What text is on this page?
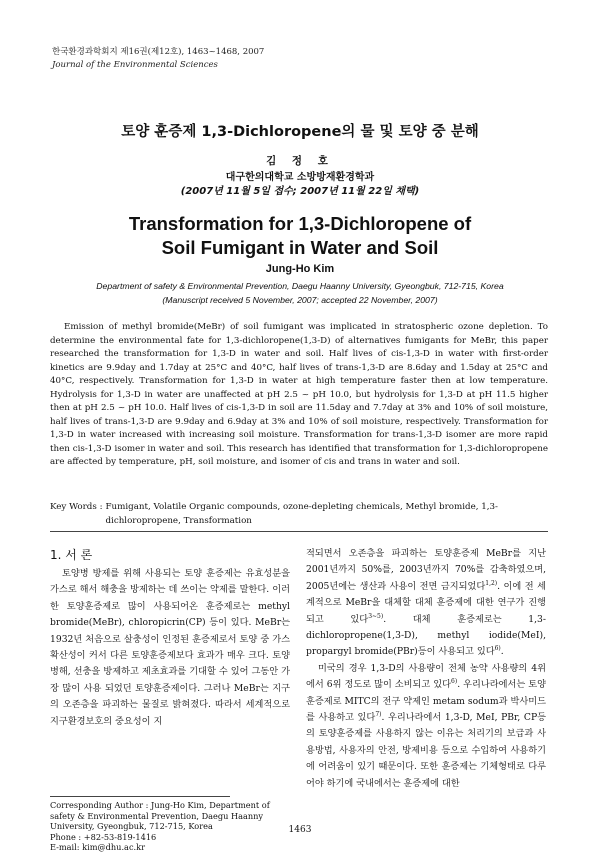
한국환경과학회지 제16권(제12호), 1463~1468, 2007
Journal of the Environmental Sciences
토양 훈증제 1,3-Dichloropene의 물 및 토양 중 분해
김 정 호
대구한의대학교 소방방재환경학과
(2007년 11월 5일 접수; 2007년 11월 22일 채택)
Transformation for 1,3-Dichloropene of
Soil Fumigant in Water and Soil
Jung-Ho Kim
Department of safety & Environmental Prevention, Daegu Haanny University, Gyeongbuk, 712-715, Korea
(Manuscript received 5 November, 2007; accepted 22 November, 2007)

Emission of methyl bromide(MeBr) of soil fumigant was implicated in stratospheric ozone depletion. To determine the environmental fate for 1,3-dichloropene(1,3-D) of alternatives fumigants for MeBr, this paper researched the transformation for 1,3-D in water and soil. Half lives of cis-1,3-D in water with first-order kinetics are 9.9day and 1.7day at 25°C and 40°C, half lives of trans-1,3-D are 8.6day and 1.5day at 25°C and 40°C, respectively. Transformation for 1,3-D in water at high temperature faster then at low temperature. Hydrolysis for 1,3-D in water are unaffected at pH 2.5 ~ pH 10.0, but hydrolysis for 1,3-D at pH 11.5 higher then at pH 2.5 ~ pH 10.0. Half lives of cis-1,3-D in soil are 11.5day and 7.7day at 3% and 10% of soil moisture, half lives of trans-1,3-D are 9.9day and 6.9day at 3% and 10% of soil moisture, respectively. Transformation for 1,3-D in water increased with increasing soil moisture. Transformation for trans-1,3-D isomer are more rapid then cis-1,3-D isomer in water and soil. This research has identified that transformation for 1,3-dichloropropene are affected by temperature, pH, soil moisture, and isomer of cis and trans in water and soil.

Key Words : Fumigant, Volatile Organic compounds, ozone-depleting chemicals, Methyl bromide, 1,3-dichloropropene, Transformation
1. 서 론

토양병 방제를 위해 사용되는 토양 훈증제는 유효성분을 가스로 해서 해충을 방제하는 데 쓰이는 약제를 말한다. 이러한 토양훈증제로 많이 사용되어온 훈증제로는 methyl bromide(MeBr), chloropicrin(CP) 등이 있다. MeBr는 1932년 처음으로 살충성이 인정된 훈증제로서 토양 중 가스 확산성이 커서 다른 토양훈증제보다 효과가 매우 크다. 토양병해, 선충을 방제하고 제초효과를 기대할 수 있어 그동안 가장 많이 사용 되었던 토양훈증제이다. 그러나 MeBr는 지구의 오존층을 파괴하는 물질로 밝혀졌다. 따라서 세계적으로 지구환경보호의 중요성이 지

적되면서 오존층을 파괴하는 토양훈증제 MeBr를 지난 2001년까지 50%를, 2003년까지 70%를 감축하였으며, 2005년에는 생산과 사용이 전면 금지되었다$^{1,2)}$. 이에 전 세계적으로 MeBr을 대체할 대체 훈증제에 대한 연구가 진행되고 있다$^{3\sim 5)}$. 대체 훈증제로는 1,3-dichloropropene(1,3-D), methyl iodide(MeI), propargyl bromide(PBr)등이 사용되고 있다$^{6)}$.

미국의 경우 1,3-D의 사용량이 전체 농약 사용량의 4위에서 6위 정도로 많이 소비되고 있다$^{6)}$. 우리나라에서는 토양훈증제로 MITC의 전구 약제인 metam sodum과 박사미드를 사용하고 있다$^{7)}$. 우리나라에서 1,3-D, MeI, PBr, CP등의 토양훈증제를 사용하지 않는 이유는 처리기의 보급과 사용방법, 사용자의 안전, 방제비용 등으로 수입하여 사용하기에 어려움이 있기 때문이다. 또한 훈증제는 기체형태로 다루어야 하기에 국내에서는 훈증제에 대한

Corresponding Author : Jung-Ho Kim, Department of safety & Environmental Prevention, Daegu Haanny University, Gyeongbuk, 712-715, Korea
Phone : +82-53-819-1416
E-mail: kim@dhu.ac.kr
1463
